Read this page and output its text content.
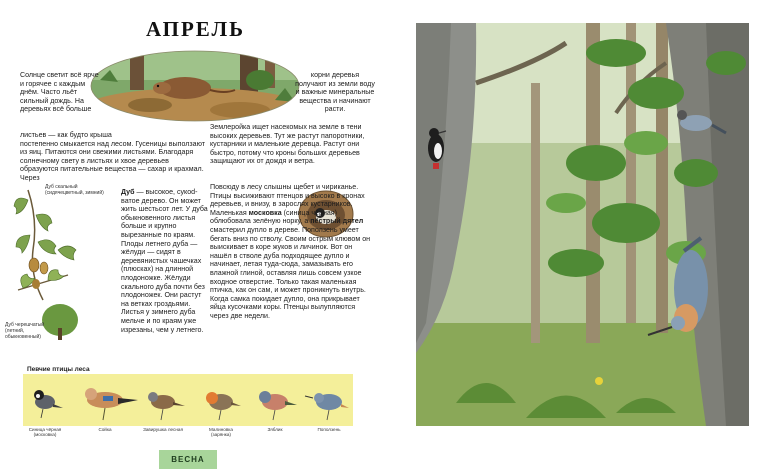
АПРЕЛЬ
Солнце светит всё ярче и горячее с каждым днём. Часто льёт сильный дождь. На деревьях всё больше
листьев — как будто крыша
постепенно смыкается над лесом. Гусеницы выползают из яиц. Питаются они свежими листьями. Благодаря солнечному свету в листьях и хвое деревьев образуются питательные вещества — сахар и крахмал. Через
корни деревья получают из земли воду и важные минеральные вещества и начинают расти.
Землеройка ищет насекомых на земле в тени высоких деревьев. Тут же растут папоротники, кустарники и маленькие деревца. Растут они быстро, потому что кроны больших деревьев защищают их от дождя и ветра.
Дуб скальный (сидячецветный, зимний)
Дуб черешчатый (летний, обыкновенный)
Дуб — высокое, сукоdватое дерево. Он может жить шестьсот лет. У дуба обыкновенного листья больше и крупно вырезанные по краям. Плоды летнего дуба — жёлуди — сидят в деревянистых чашечках (плюсках) на длинной плодоножке. Жёлуди скального дуба почти без плодоножек. Они растут на ветках гроздьями. Листья у зимнего дуба мельче и по краям уже изрезаны, чем у летнего.
Повсюду в лесу слышны щебет и чириканье. Птицы высиживают птенцов и высоко в кронах деревьев, и внизу, в зарослях кустарников. Маленькая московка (синица чёрная) облюбовала зелёную норку, а пёстрый дятел смастерил дупло в дереве. Поползень умеет бегать вниз по стволу. Своим острым клювом он выискивает в коре жуков и личинок. Вот он нашёл в стволе дуба подходящее дупло и начинает, летая туда-сюда, замазывать его влажной глиной, оставляя лишь совсем узкое входное отверстие. Только такая маленькая птичка, как он сам, и может проникнуть внутрь. Когда самка покидает дупло, она прикрывает яйца кусочками коры. Птенцы вылупляются через две недели.
Певчие птицы леса
Синица чёрная (московка)
Сойка	Завирушка лесная	Малиновка (зарянка)
Зяблик	Поползень
ВЕСНА
